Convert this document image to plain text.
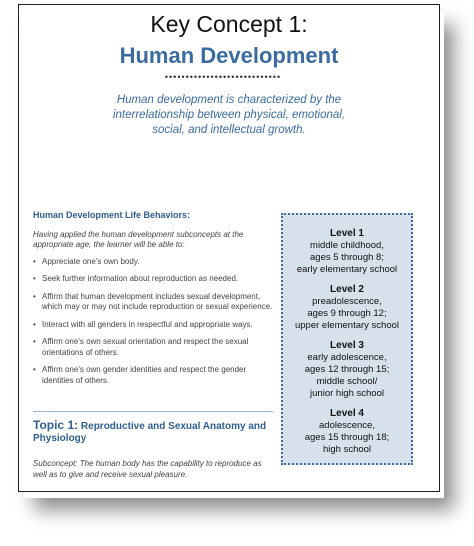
Key Concept 1:
Human Development
••••••••••••••••••••••••••••
Human development is characterized by the interrelationship between physical, emotional, social, and intellectual growth.
Human Development Life Behaviors:
Having applied the human development subconcepts at the appropriate age, the learner will be able to:
• Appreciate one's own body.
• Seek further information about reproduction as needed.
• Affirm that human development includes sexual development, which may or may not include reproduction or sexual experience.
• Interact with all genders in respectful and appropriate ways.
• Affirm one's own sexual orientation and respect the sexual orientations of others.
• Affirm one's own gender identities and respect the gender identities of others.
Topic 1: Reproductive and Sexual Anatomy and Physiology
Subconcept: The human body has the capability to reproduce as well as to give and receive sexual pleasure.
Level 1
middle childhood,
ages 5 through 8;
early elementary school
Level 2
preadolescence,
ages 9 through 12;
upper elementary school
Level 3
early adolescence,
ages 12 through 15;
middle school/
junior high school
Level 4
adolescence,
ages 15 through 18;
high school
